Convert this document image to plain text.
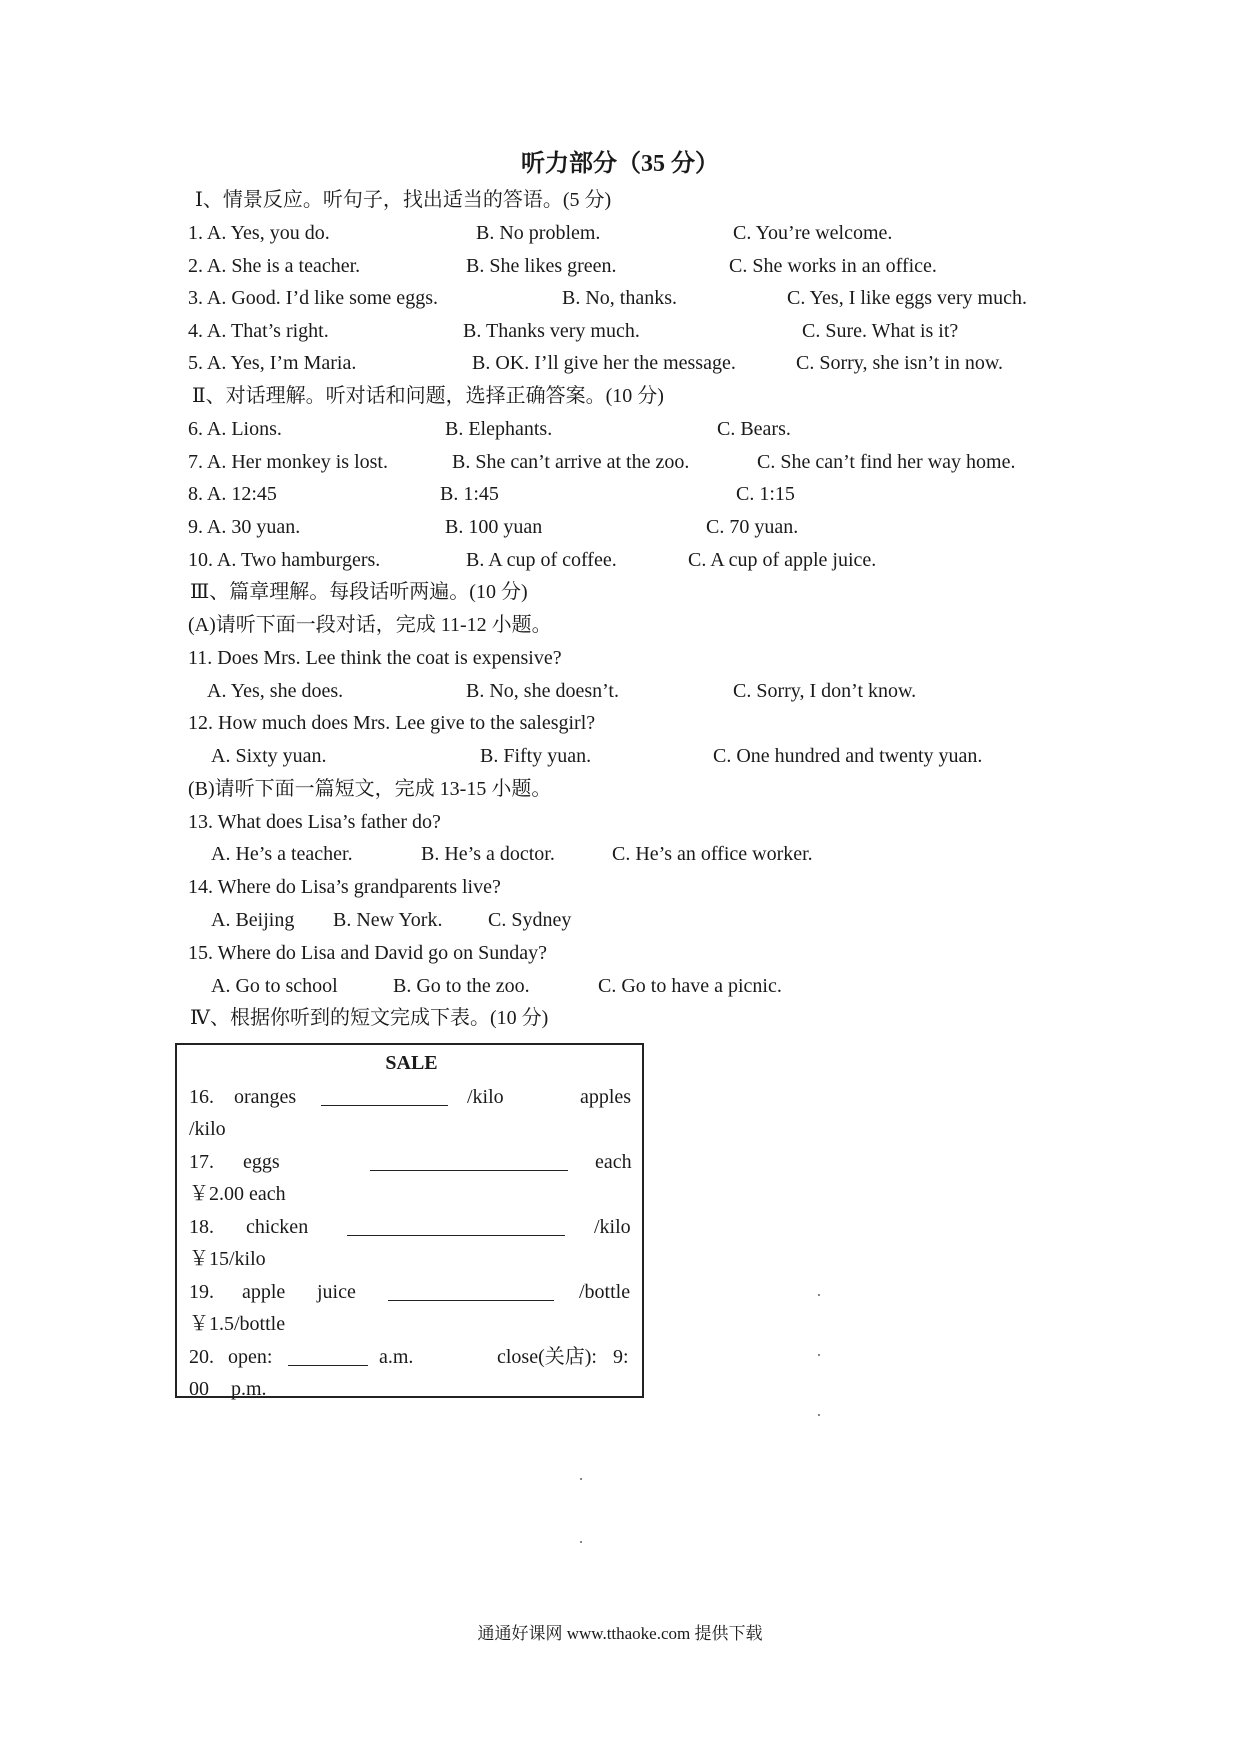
听力部分（35 分）
Ⅰ、情景反应。听句子，找出适当的答语。(5 分)
1. A. Yes, you do.	B. No problem.	C. You’re welcome.
2. A. She is a teacher.	B. She likes green.	C. She works in an office.
3. A. Good. I’d like some eggs.	B. No, thanks.	C. Yes, I like eggs very much.
4. A. That’s right.	B. Thanks very much.	C. Sure. What is it?
5. A. Yes, I’m Maria.	B. OK. I’ll give her the message.	C. Sorry, she isn’t in now.
Ⅱ、对话理解。听对话和问题，选择正确答案。(10 分)
6. A. Lions.	B. Elephants.	C. Bears.
7. A. Her monkey is lost.	B. She can’t arrive at the zoo.	C. She can’t find her way home.
8. A. 12:45	B. 1:45	C. 1:15
9. A. 30 yuan.	B. 100 yuan	C. 70 yuan.
10. A. Two hamburgers.	B. A cup of coffee.	C. A cup of apple juice.
Ⅲ、篇章理解。每段话听两遍。(10 分)
(A)请听下面一段对话，完成 11-12 小题。
11. Does Mrs. Lee think the coat is expensive?
A. Yes, she does.	B. No, she doesn’t.	C. Sorry, I don’t know.
12. How much does Mrs. Lee give to the salesgirl?
A. Sixty yuan.	B. Fifty yuan.	C. One hundred and twenty yuan.
(B)请听下面一篇短文，完成 13-15 小题。
13. What does Lisa’s father do?
A. He’s a teacher.	B. He’s a doctor.	C. He’s an office worker.
14. Where do Lisa’s grandparents live?
A. Beijing B. New York. C. Sydney
15. Where do Lisa and David go on Sunday?
A. Go to school	B. Go to the zoo.	C. Go to have a picnic.
Ⅳ、根据你听到的短文完成下表。(10 分)
SALE
16. oranges	/kilo	apples
/kilo
17. eggs	each
￥2.00 each
18. chicken	/kilo
￥15/kilo
19. apple juice	/bottle
￥1.5/bottle
20. open:	a.m.	close(关店): 9:
00 p.m.
通通好课网 www.tthaoke.com 提供下载
